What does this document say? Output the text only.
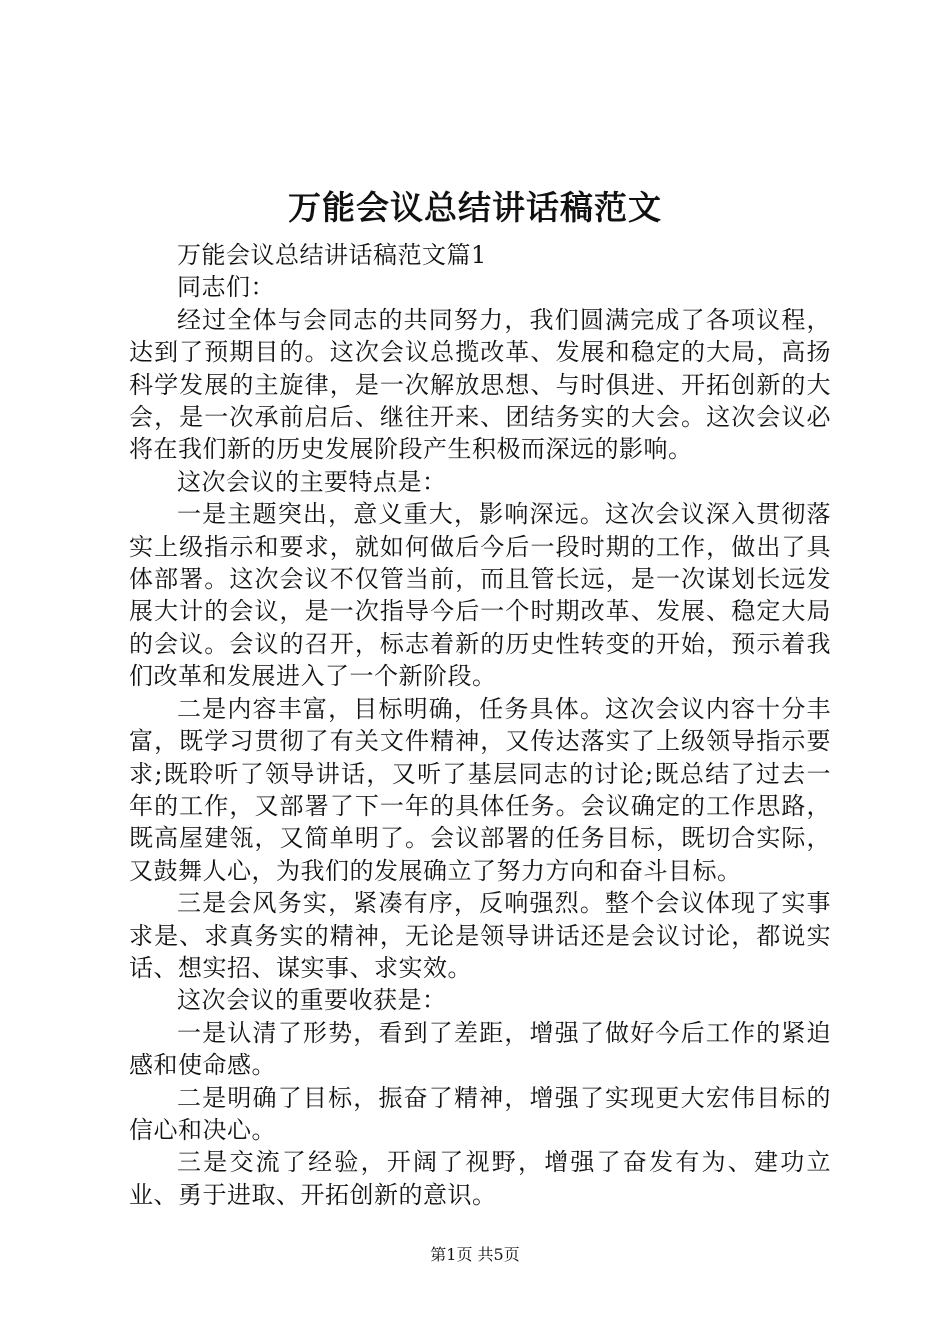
万能会议总结讲话稿范文

万能会议总结讲话稿范文篇1

同志们：

经过全体与会同志的共同努力，我们圆满完成了各项议程，达到了预期目的。这次会议总揽改革、发展和稳定的大局，高扬科学发展的主旋律，是一次解放思想、与时俱进、开拓创新的大会，是一次承前启后、继往开来、团结务实的大会。这次会议必将在我们新的历史发展阶段产生积极而深远的影响。

这次会议的主要特点是：

一是主题突出，意义重大，影响深远。这次会议深入贯彻落实上级指示和要求，就如何做后今后一段时期的工作，做出了具体部署。这次会议不仅管当前，而且管长远，是一次谋划长远发展大计的会议，是一次指导今后一个时期改革、发展、稳定大局的会议。会议的召开，标志着新的历史性转变的开始，预示着我们改革和发展进入了一个新阶段。

二是内容丰富，目标明确，任务具体。这次会议内容十分丰富，既学习贯彻了有关文件精神，又传达落实了上级领导指示要求;既聆听了领导讲话，又听了基层同志的讨论;既总结了过去一年的工作，又部署了下一年的具体任务。会议确定的工作思路，既高屋建瓴，又简单明了。会议部署的任务目标，既切合实际，又鼓舞人心，为我们的发展确立了努力方向和奋斗目标。

三是会风务实，紧凑有序，反响强烈。整个会议体现了实事求是、求真务实的精神，无论是领导讲话还是会议讨论，都说实话、想实招、谋实事、求实效。

这次会议的重要收获是：

一是认清了形势，看到了差距，增强了做好今后工作的紧迫感和使命感。

二是明确了目标，振奋了精神，增强了实现更大宏伟目标的信心和决心。

三是交流了经验，开阔了视野，增强了奋发有为、建功立业、勇于进取、开拓创新的意识。

第1页 共5页
